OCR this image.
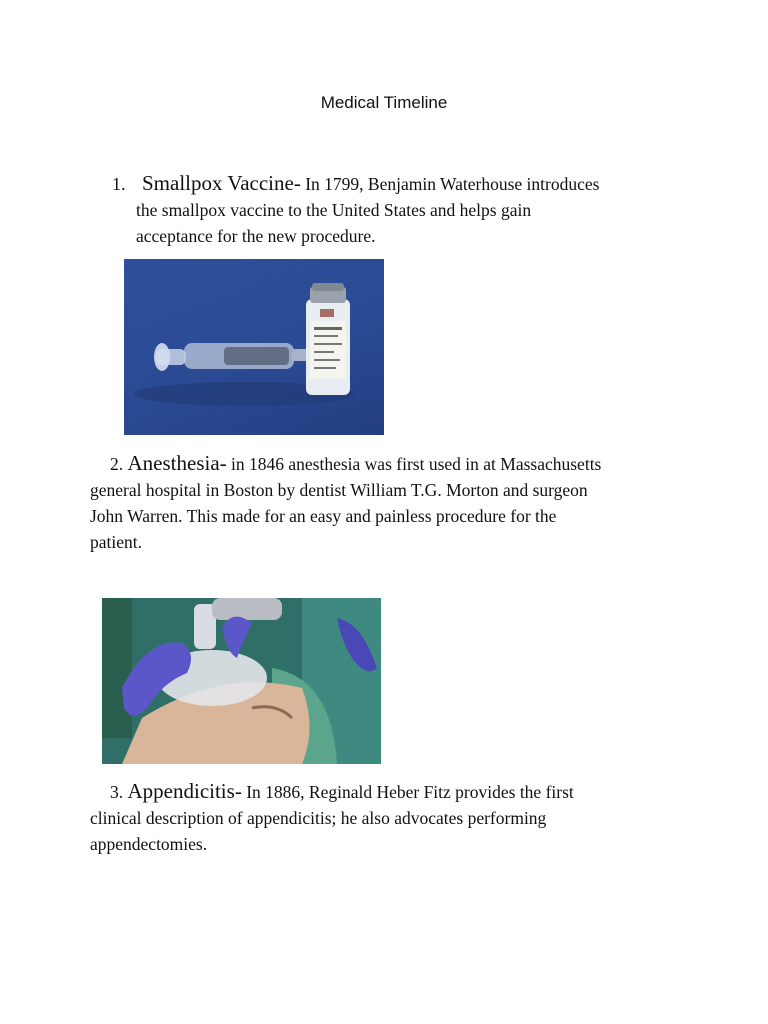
Medical Timeline
1. Smallpox Vaccine- In 1799, Benjamin Waterhouse introduces
the smallpox vaccine to the United States and helps gain
acceptance for the new procedure.
2. Anesthesia- in 1846 anesthesia was first used in at Massachusetts
general hospital in Boston by dentist William T.G. Morton and surgeon
John Warren. This made for an easy and painless procedure for the
patient.
3. Appendicitis- In 1886, Reginald Heber Fitz provides the first
clinical description of appendicitis; he also advocates performing
appendectomies.
